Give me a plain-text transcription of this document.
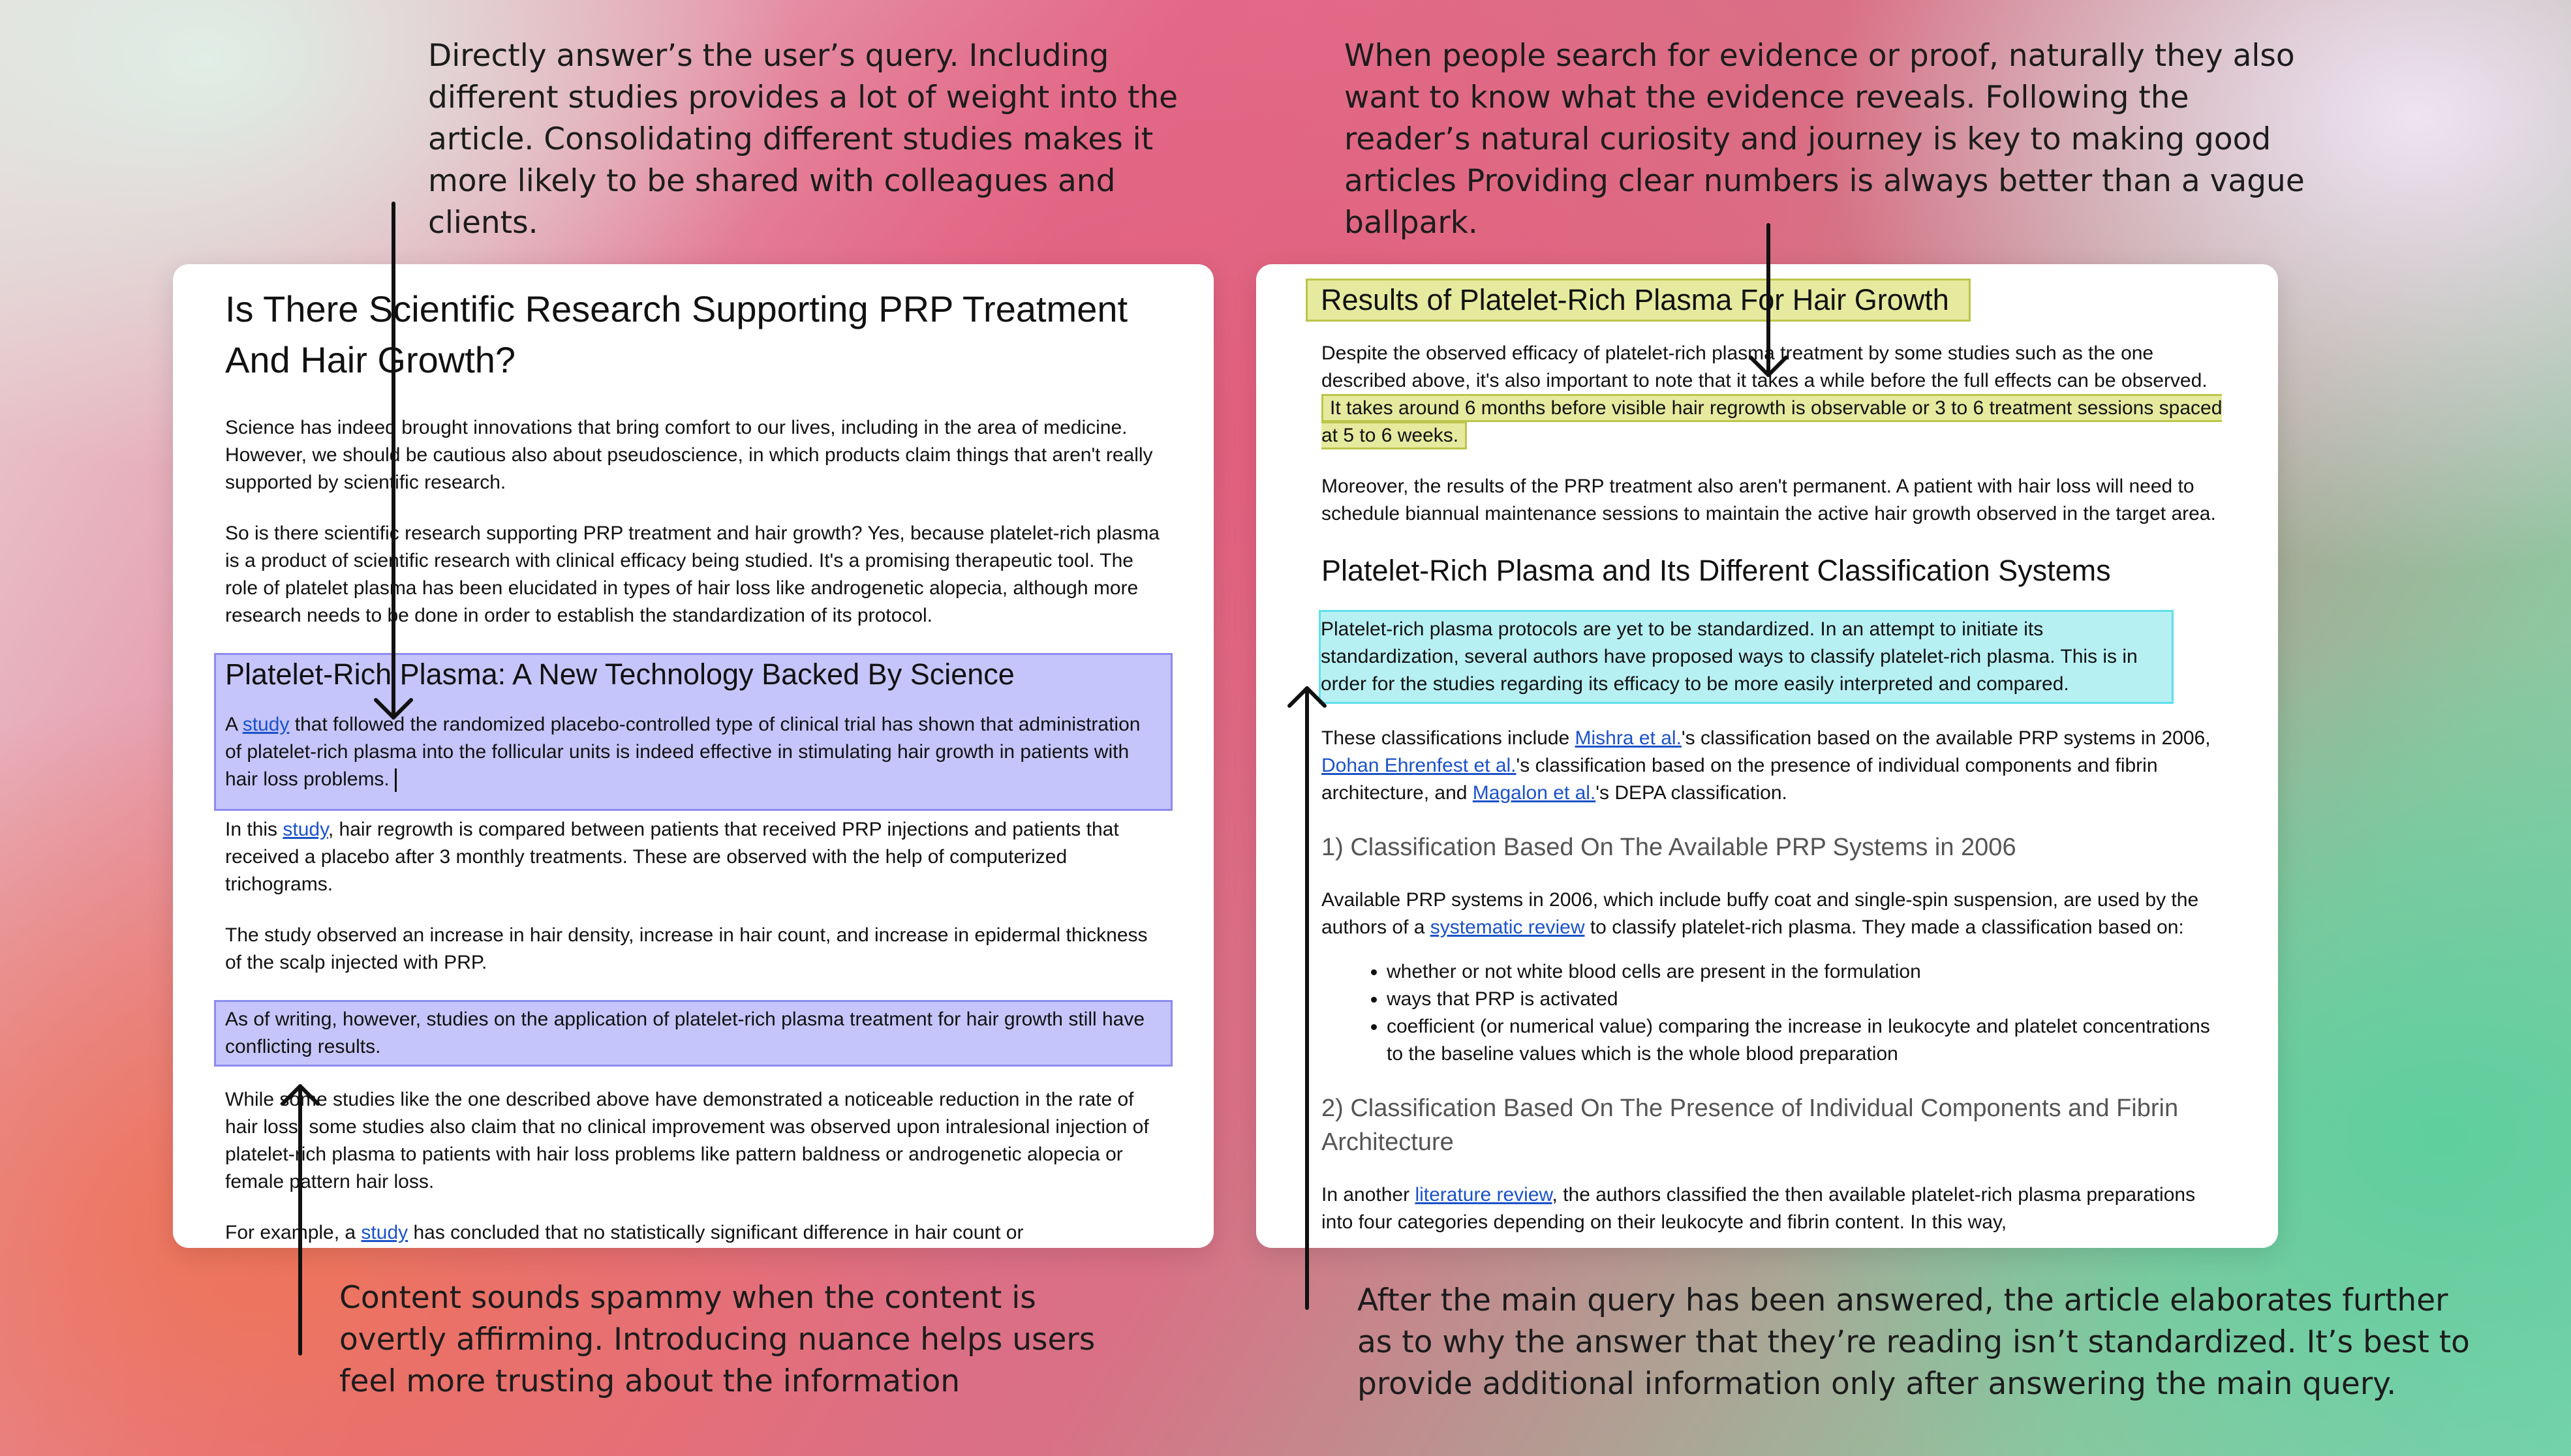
Directly answer’s the user’s query. Including different studies provides a lot of weight into the article. Consolidating different studies makes it more likely to be shared with colleagues and clients.

When people search for evidence or proof, naturally they also want to know what the evidence reveals. Following the reader’s natural curiosity and journey is key to making good articles Providing clear numbers is always better than a vague ballpark.

Content sounds spammy when the content is overtly affirming. Introducing nuance helps users feel more trusting about the information

After the main query has been answered, the article elaborates further as to why the answer that they’re reading isn’t standardized. It’s best to provide additional information only after answering the main query.

Is There Scientific Research Supporting PRP Treatment And Hair Growth?

Science has indeed brought innovations that bring comfort to our lives, including in the area of medicine. However, we should be cautious also about pseudoscience, in which products claim things that aren't really supported by scientific research.

So is there scientific research supporting PRP treatment and hair growth? Yes, because platelet-rich plasma is a product of scientific research with clinical efficacy being studied. It's a promising therapeutic tool. The role of platelet plasma has been elucidated in types of hair loss like androgenetic alopecia, although more research needs to be done in order to establish the standardization of its protocol.

Platelet-Rich Plasma: A New Technology Backed By Science

A study that followed the randomized placebo-controlled type of clinical trial has shown that administration of platelet-rich plasma into the follicular units is indeed effective in stimulating hair growth in patients with hair loss problems.

In this study, hair regrowth is compared between patients that received PRP injections and patients that received a placebo after 3 monthly treatments. These are observed with the help of computerized trichograms.

The study observed an increase in hair density, increase in hair count, and increase in epidermal thickness of the scalp injected with PRP.

As of writing, however, studies on the application of platelet-rich plasma treatment for hair growth still have conflicting results.

While some studies like the one described above have demonstrated a noticeable reduction in the rate of hair loss, some studies also claim that no clinical improvement was observed upon intralesional injection of platelet-rich plasma to patients with hair loss problems like pattern baldness or androgenetic alopecia or female pattern hair loss.

For example, a study has concluded that no statistically significant difference in hair count or

Results of Platelet-Rich Plasma For Hair Growth

Despite the observed efficacy of platelet-rich plasma treatment by some studies such as the one described above, it's also important to note that it takes a while before the full effects can be observed. It takes around 6 months before visible hair regrowth is observable or 3 to 6 treatment sessions spaced at 5 to 6 weeks.

Moreover, the results of the PRP treatment also aren't permanent. A patient with hair loss will need to schedule biannual maintenance sessions to maintain the active hair growth observed in the target area.

Platelet-Rich Plasma and Its Different Classification Systems

Platelet-rich plasma protocols are yet to be standardized. In an attempt to initiate its standardization, several authors have proposed ways to classify platelet-rich plasma. This is in order for the studies regarding its efficacy to be more easily interpreted and compared.

These classifications include Mishra et al.'s classification based on the available PRP systems in 2006, Dohan Ehrenfest et al.'s classification based on the presence of individual components and fibrin architecture, and Magalon et al.'s DEPA classification.

1) Classification Based On The Available PRP Systems in 2006

Available PRP systems in 2006, which include buffy coat and single-spin suspension, are used by the authors of a systematic review to classify platelet-rich plasma. They made a classification based on:

• whether or not white blood cells are present in the formulation
• ways that PRP is activated
• coefficient (or numerical value) comparing the increase in leukocyte and platelet concentrations to the baseline values which is the whole blood preparation
2) Classification Based On The Presence of Individual Components and Fibrin Architecture

In another literature review, the authors classified the then available platelet-rich plasma preparations into four categories depending on their leukocyte and fibrin content. In this way,
